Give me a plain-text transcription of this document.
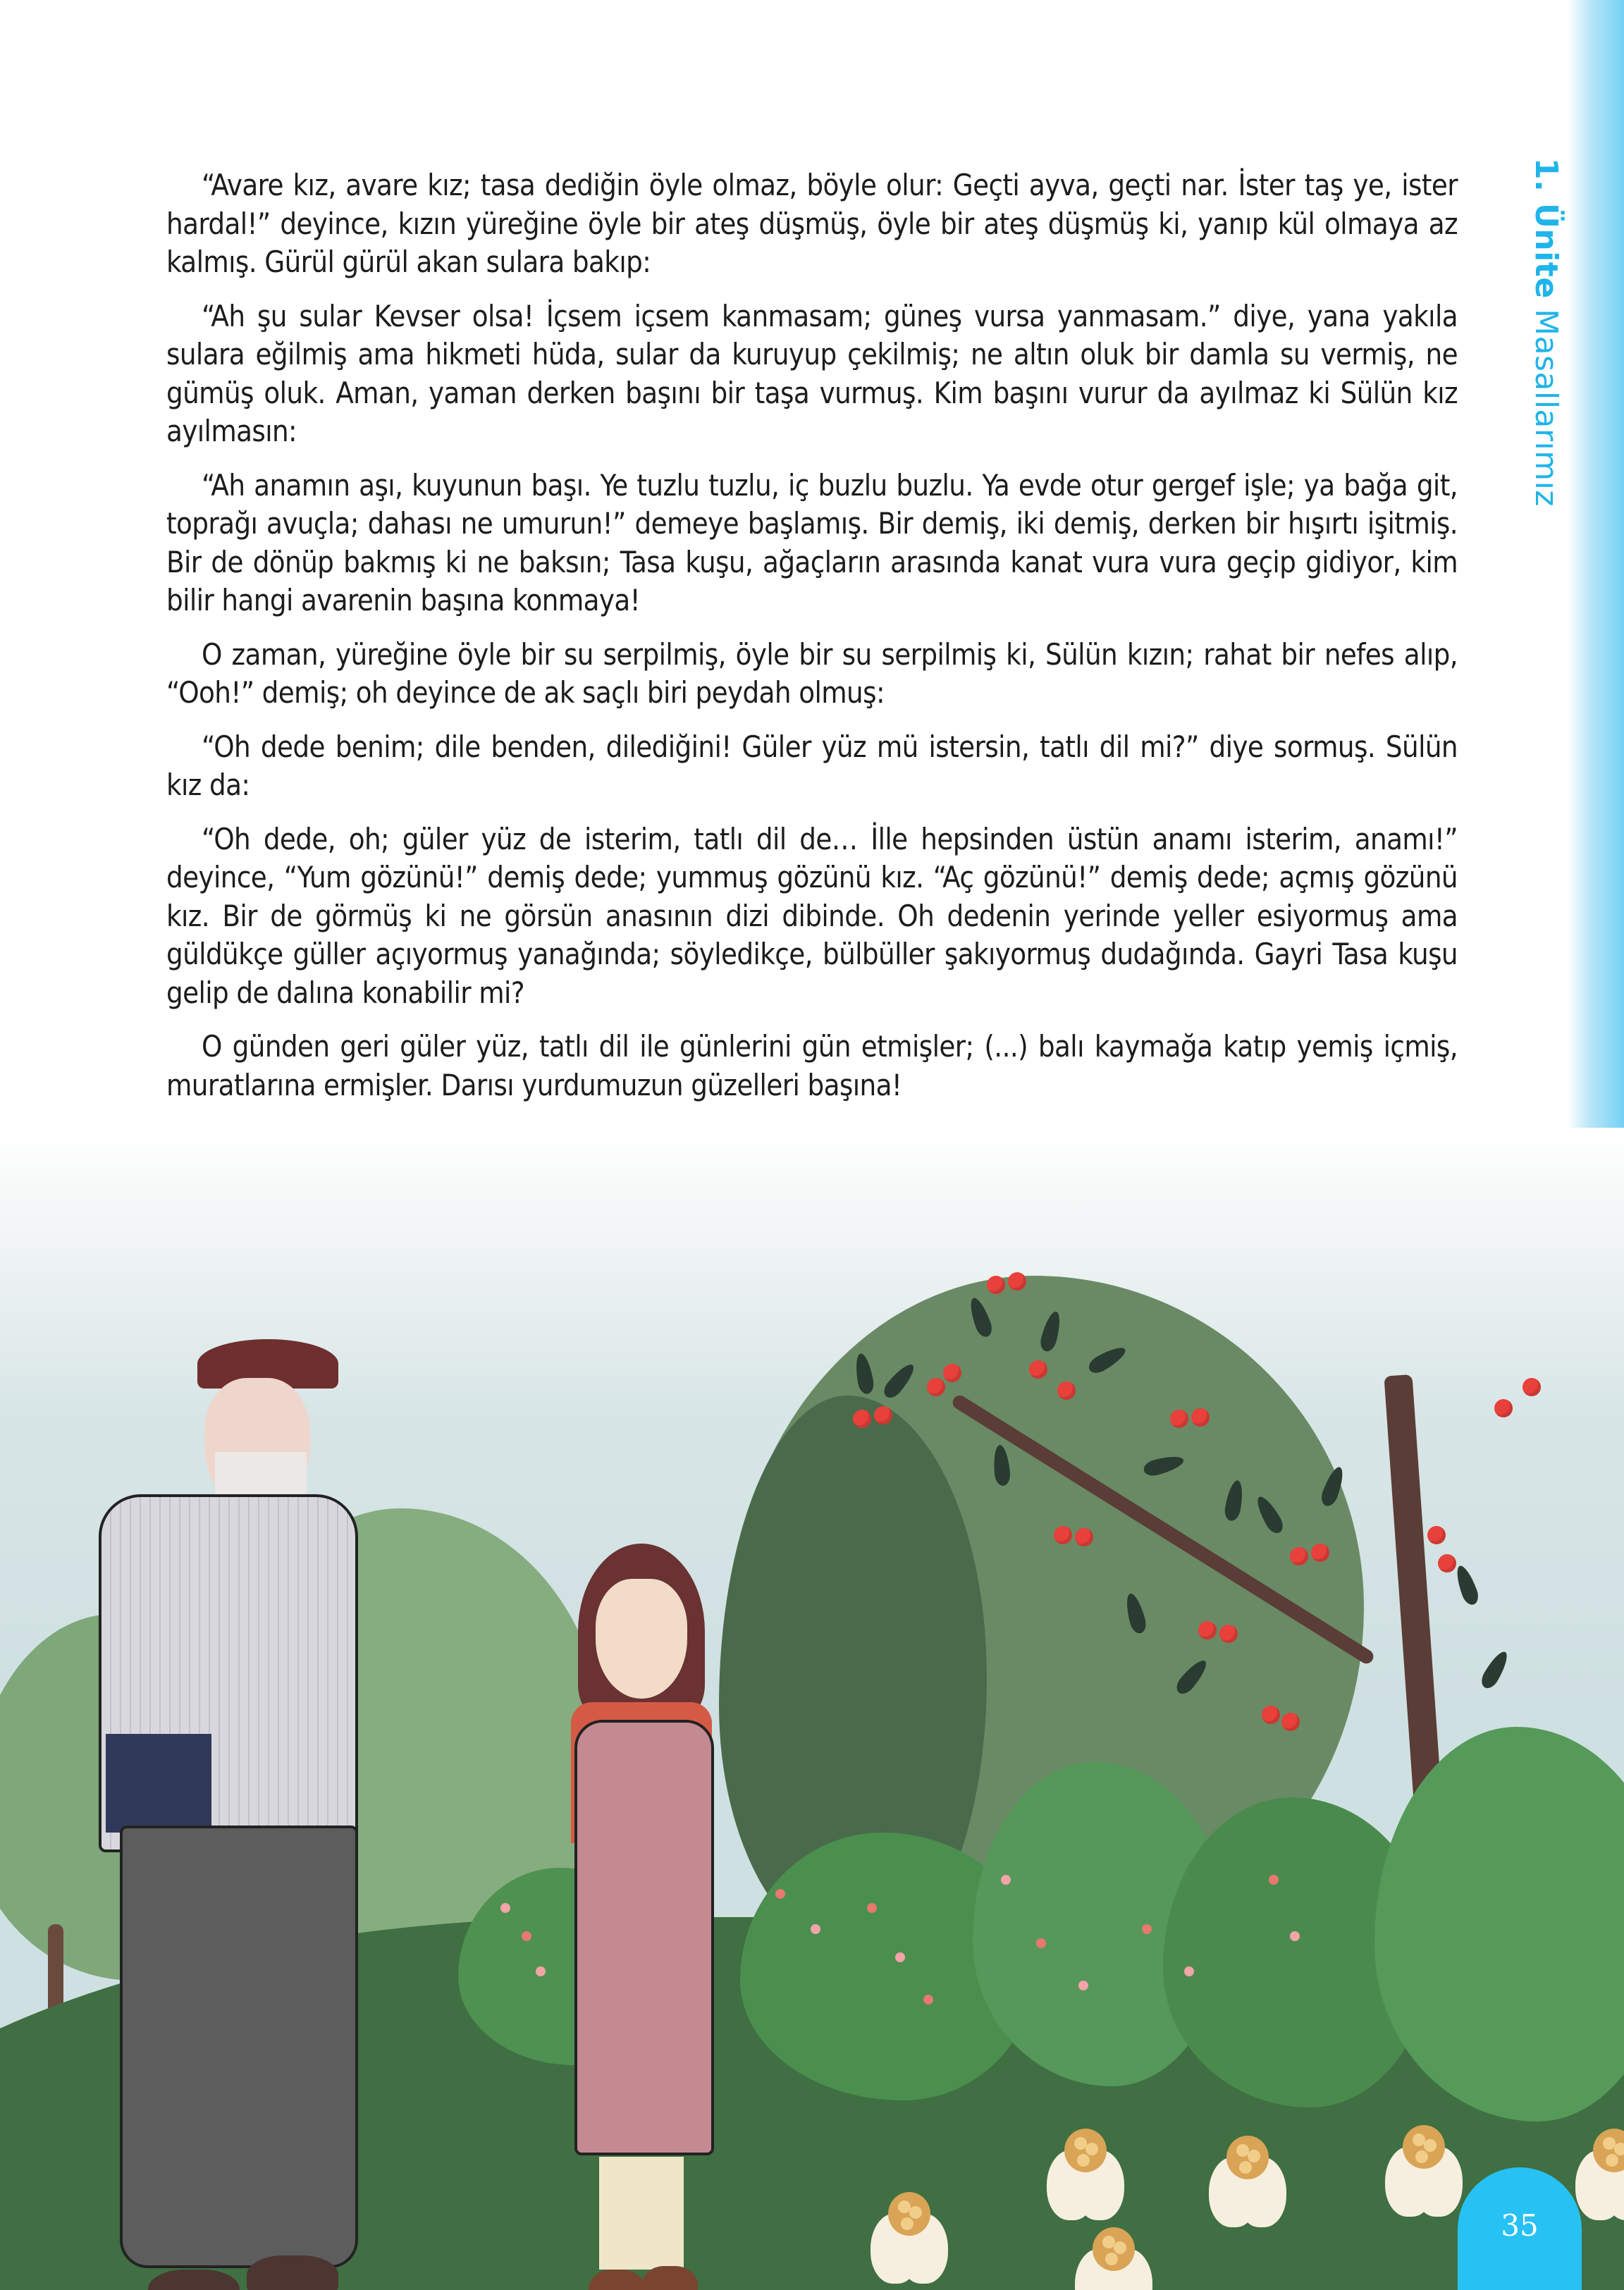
1. Ünite Masallarımız

“Avare kız, avare kız; tasa dediğin öyle olmaz, böyle olur: Geçti ayva, geçti nar. İster taş ye, ister hardal!” deyince, kızın yüreğine öyle bir ateş düşmüş, öyle bir ateş düşmüş ki, yanıp kül olmaya az kalmış. Gürül gürül akan sulara bakıp:

“Ah şu sular Kevser olsa! İçsem içsem kanmasam; güneş vursa yanmasam.” diye, yana yakıla sulara eğilmiş ama hikmeti hüda, sular da kuruyup çekilmiş; ne altın oluk bir damla su vermiş, ne gümüş oluk. Aman, yaman derken başını bir taşa vurmuş. Kim başını vurur da ayılmaz ki Sülün kız ayılmasın:

“Ah anamın aşı, kuyunun başı. Ye tuzlu tuzlu, iç buzlu buzlu. Ya evde otur gergef işle; ya bağa git, toprağı avuçla; dahası ne umurun!” demeye başlamış. Bir demiş, iki demiş, derken bir hışırtı işitmiş. Bir de dönüp bakmış ki ne baksın; Tasa kuşu, ağaçların arasında kanat vura vura geçip gidiyor, kim bilir hangi avarenin başına konmaya!

O zaman, yüreğine öyle bir su serpilmiş, öyle bir su serpilmiş ki, Sülün kızın; rahat bir nefes alıp, “Ooh!” demiş; oh deyince de ak saçlı biri peydah olmuş:

“Oh dede benim; dile benden, dilediğini! Güler yüz mü istersin, tatlı dil mi?” diye sormuş. Sülün kız da:

“Oh dede, oh; güler yüz de isterim, tatlı dil de… İlle hepsinden üstün anamı isterim, anamı!” deyince, “Yum gözünü!” demiş dede; yummuş gözünü kız. “Aç gözünü!” demiş dede; açmış gözünü kız. Bir de görmüş ki ne görsün anasının dizi dibinde. Oh dedenin yerinde yeller esiyormuş ama güldükçe güller açıyormuş yanağında; söyledikçe, bülbüller şakıyormuş dudağında. Gayri Tasa kuşu gelip de dalına konabilir mi?

O günden geri güler yüz, tatlı dil ile günlerini gün etmişler; (...) balı kaymağa katıp yemiş içmiş, muratlarına ermişler. Darısı yurdumuzun güzelleri başına!

35
